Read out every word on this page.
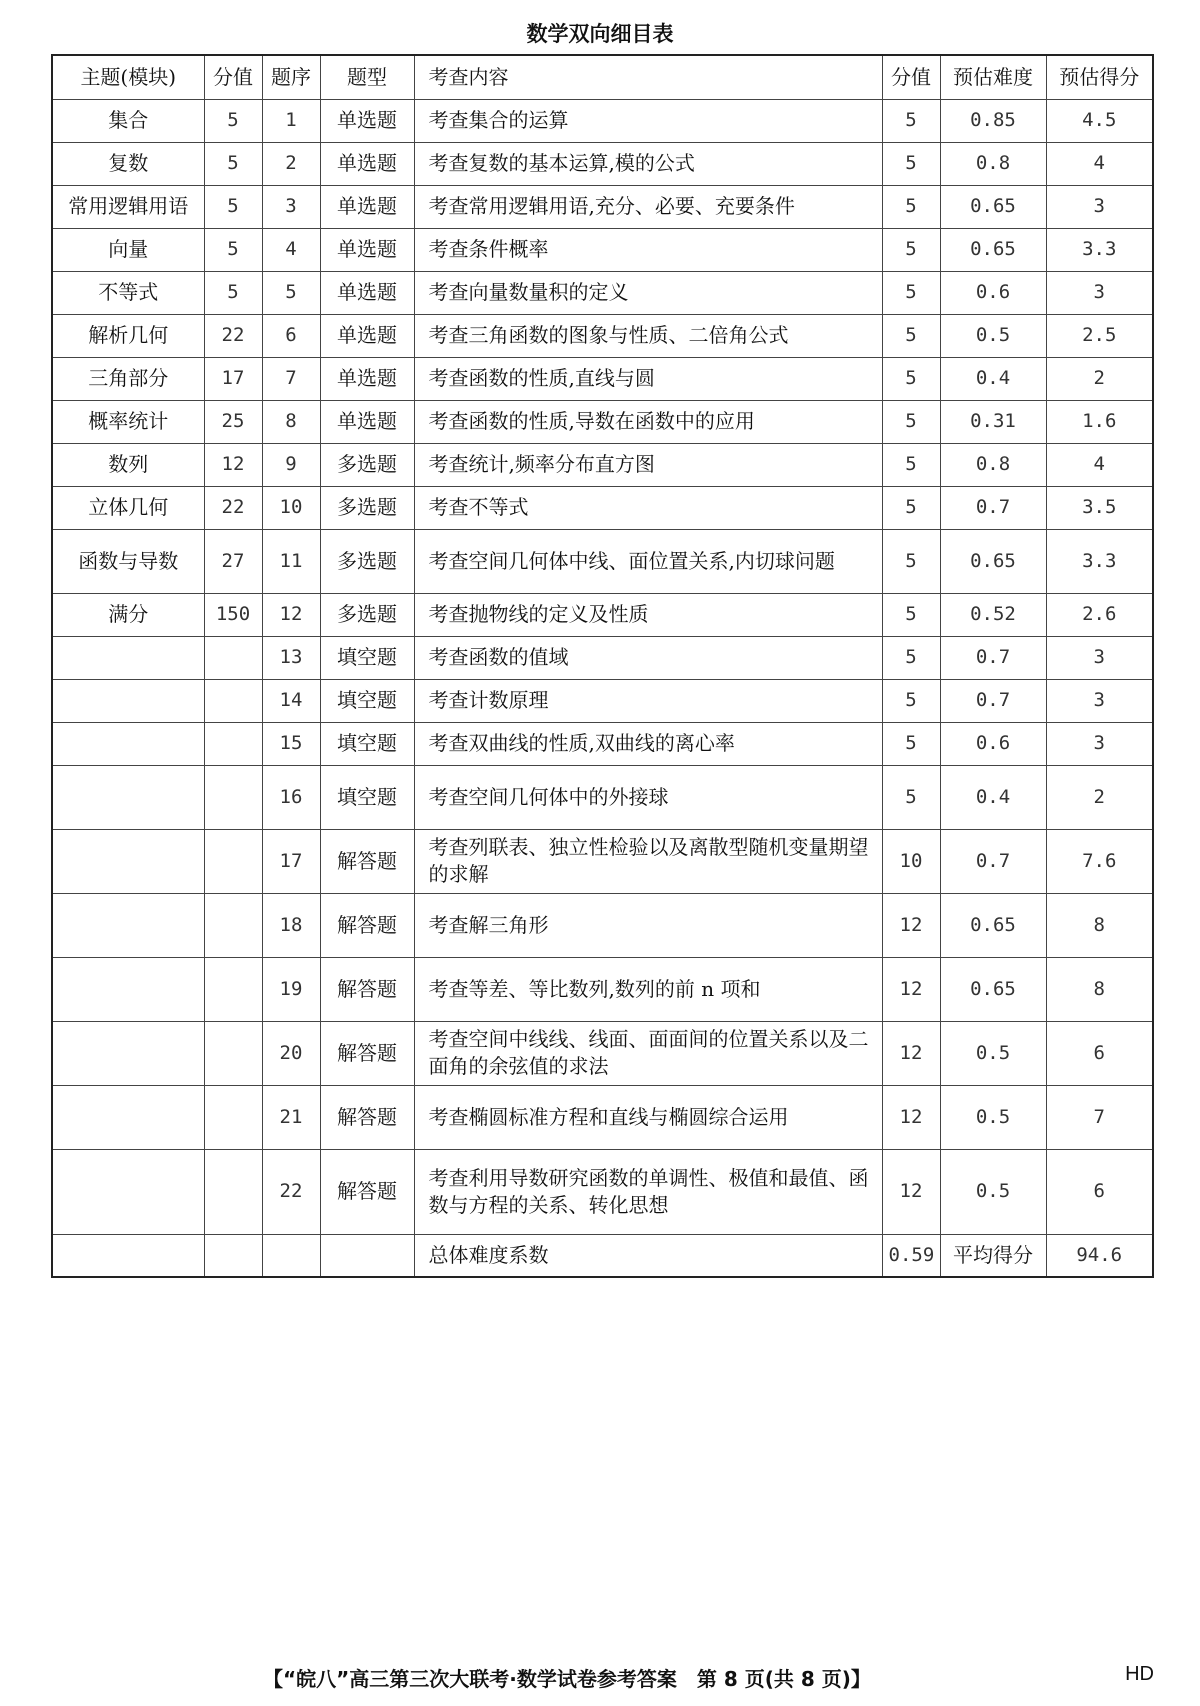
数学双向细目表
主题(模块)	分值	题序	题型	考查内容	分值	预估难度	预估得分
集合	5	1	单选题	考查集合的运算	5	0.85	4.5
复数	5	2	单选题	考查复数的基本运算,模的公式	5	0.8	4
常用逻辑用语	5	3	单选题	考查常用逻辑用语,充分、必要、充要条件	5	0.65	3
向量	5	4	单选题	考查条件概率	5	0.65	3.3
不等式	5	5	单选题	考查向量数量积的定义	5	0.6	3
解析几何	22	6	单选题	考查三角函数的图象与性质、二倍角公式	5	0.5	2.5
三角部分	17	7	单选题	考查函数的性质,直线与圆	5	0.4	2
概率统计	25	8	单选题	考查函数的性质,导数在函数中的应用	5	0.31	1.6
数列	12	9	多选题	考查统计,频率分布直方图	5	0.8	4
立体几何	22	10	多选题	考查不等式	5	0.7	3.5
函数与导数	27	11	多选题	考查空间几何体中线、面位置关系,内切球问题	5	0.65	3.3
满分	150	12	多选题	考查抛物线的定义及性质	5	0.52	2.6
		13	填空题	考查函数的值域	5	0.7	3
		14	填空题	考查计数原理	5	0.7	3
		15	填空题	考查双曲线的性质,双曲线的离心率	5	0.6	3
		16	填空题	考查空间几何体中的外接球	5	0.4	2
		17	解答题	考查列联表、独立性检验以及离散型随机变量期望的求解	10	0.7	7.6
		18	解答题	考查解三角形	12	0.65	8
		19	解答题	考查等差、等比数列,数列的前 n 项和	12	0.65	8
		20	解答题	考查空间中线线、线面、面面间的位置关系以及二面角的余弦值的求法	12	0.5	6
		21	解答题	考查椭圆标准方程和直线与椭圆综合运用	12	0.5	7
		22	解答题	考查利用导数研究函数的单调性、极值和最值、函数与方程的关系、转化思想	12	0.5	6
				总体难度系数	0.59	平均得分	94.6
【“皖八”高三第三次大联考·数学试卷参考答案　第 8 页(共 8 页)】	HD
